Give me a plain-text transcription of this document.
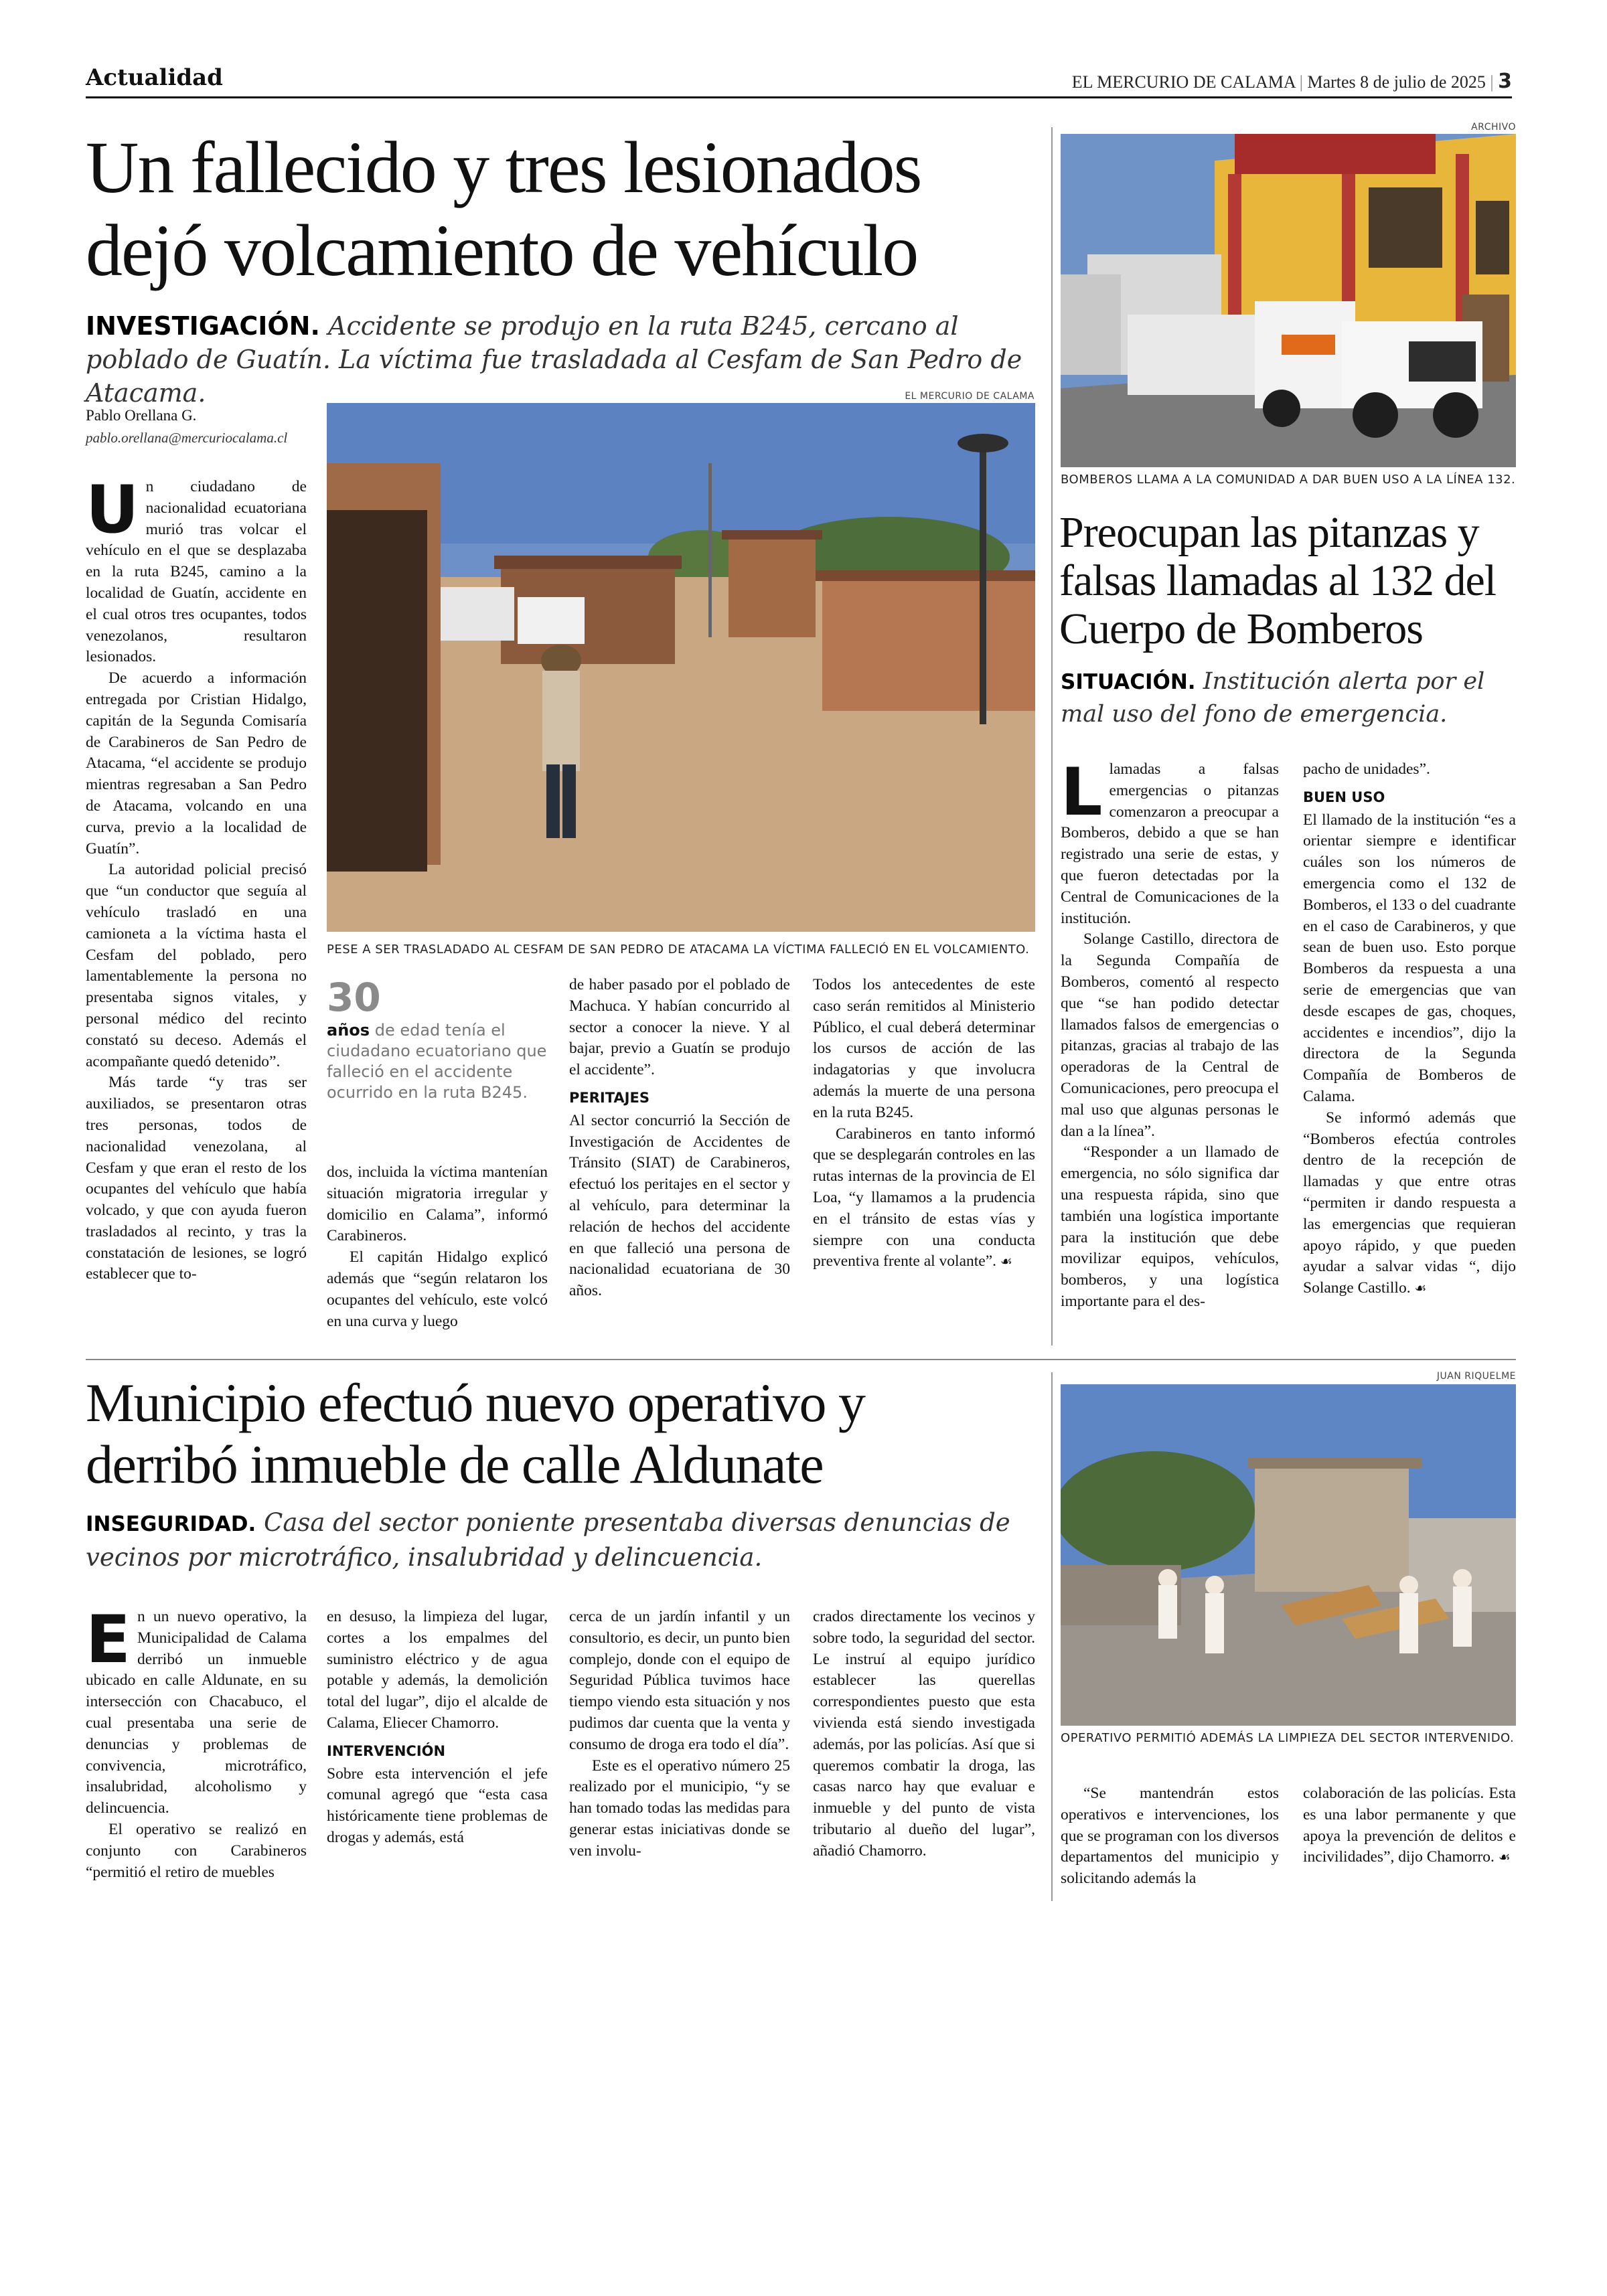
Actualidad	EL MERCURIO DE CALAMA | Martes 8 de julio de 2025 | 3
Un fallecido y tres lesionados
dejó volcamiento de vehículo
INVESTIGACIÓN. Accidente se produjo en la ruta B245, cercano al poblado de Guatín. La víctima fue trasladada al Cesfam de San Pedro de Atacama.
Pablo Orellana G.
pablo.orellana@mercuriocalama.cl
EL MERCURIO DE CALAMA
PESE A SER TRASLADADO AL CESFAM DE SAN PEDRO DE ATACAMA LA VÍCTIMA FALLECIÓ EN EL VOLCAMIENTO.

Un ciudadano de nacionalidad ecuatoriana murió tras volcar el vehículo en el que se desplazaba en la ruta B245, camino a la localidad de Guatín, accidente en el cual otros tres ocupantes, todos venezolanos, resultaron lesionados.

De acuerdo a información entregada por Cristian Hidalgo, capitán de la Segunda Comisaría de Carabineros de San Pedro de Atacama, “el accidente se produjo mientras regresaban a San Pedro de Atacama, volcando en una curva, previo a la localidad de Guatín”.

La autoridad policial precisó que “un conductor que seguía al vehículo trasladó en una camioneta a la víctima hasta el Cesfam del poblado, pero lamentablemente la persona no presentaba signos vitales, y personal médico del recinto constató su deceso. Además el acompañante quedó detenido”.

Más tarde “y tras ser auxiliados, se presentaron otras tres personas, todos de nacionalidad venezolana, al Cesfam y que eran el resto de los ocupantes del vehículo que había volcado, y que con ayuda fueron trasladados al recinto, y tras la constatación de lesiones, se logró establecer que to-

30
años de edad tenía el ciudadano ecuatoriano que falleció en el accidente ocurrido en la ruta B245.

dos, incluida la víctima mantenían situación migratoria irregular y domicilio en Calama”, informó Carabineros.

El capitán Hidalgo explicó además que “según relataron los ocupantes del vehículo, este volcó en una curva y luego

de haber pasado por el poblado de Machuca. Y habían concurrido al sector a conocer la nieve. Y al bajar, previo a Guatín se produjo el accidente”.

PERITAJES

Al sector concurrió la Sección de Investigación de Accidentes de Tránsito (SIAT) de Carabineros, efectuó los peritajes en el sector y al vehículo, para determinar la relación de hechos del accidente en que falleció una persona de nacionalidad ecuatoriana de 30 años.

Todos los antecedentes de este caso serán remitidos al Ministerio Público, el cual deberá determinar los cursos de acción de las indagatorias y que involucra además la muerte de una persona en la ruta B245.

Carabineros en tanto informó que se desplegarán controles en las rutas internas de la provincia de El Loa, “y llamamos a la prudencia en el tránsito de estas vías y siempre con una conducta preventiva frente al volante”. ☙

ARCHIVO
BOMBEROS LLAMA A LA COMUNIDAD A DAR BUEN USO A LA LÍNEA 132.
Preocupan las pitanzas y
falsas llamadas al 132 del
Cuerpo de Bomberos
SITUACIÓN. Institución alerta por el mal uso del fono de emergencia.

Llamadas a falsas emergencias o pitanzas comenzaron a preocupar a Bomberos, debido a que se han registrado una serie de estas, y que fueron detectadas por la Central de Comunicaciones de la institución.

Solange Castillo, directora de la Segunda Compañía de Bomberos, comentó al respecto que “se han podido detectar llamados falsos de emergencias o pitanzas, gracias al trabajo de las operadoras de la Central de Comunicaciones, pero preocupa el mal uso que algunas personas le dan a la línea”.

“Responder a un llamado de emergencia, no sólo significa dar una respuesta rápida, sino que también una logística importante para la institución que debe movilizar equipos, vehículos, bomberos, y una logística importante para el des-

pacho de unidades”.

BUEN USO

El llamado de la institución “es a orientar siempre e identificar cuáles son los números de emergencia como el 132 de Bomberos, el 133 o del cuadrante en el caso de Carabineros, y que sean de buen uso. Esto porque Bomberos da respuesta a una serie de emergencias que van desde escapes de gas, choques, accidentes e incendios”, dijo la directora de la Segunda Compañía de Bomberos de Calama.

Se informó además que “Bomberos efectúa controles dentro de la recepción de llamadas y que entre otras “permiten ir dando respuesta a las emergencias que requieran apoyo rápido, y que pueden ayudar a salvar vidas “, dijo Solange Castillo. ☙

Municipio efectuó nuevo operativo y
derribó inmueble de calle Aldunate
INSEGURIDAD. Casa del sector poniente presentaba diversas denuncias de vecinos por microtráfico, insalubridad y delincuencia.
JUAN RIQUELME
OPERATIVO PERMITIÓ ADEMÁS LA LIMPIEZA DEL SECTOR INTERVENIDO.

En un nuevo operativo, la Municipalidad de Calama derribó un inmueble ubicado en calle Aldunate, en su intersección con Chacabuco, el cual presentaba una serie de denuncias y problemas de convivencia, microtráfico, insalubridad, alcoholismo y delincuencia.

El operativo se realizó en conjunto con Carabineros “permitió el retiro de muebles

en desuso, la limpieza del lugar, cortes a los empalmes del suministro eléctrico y de agua potable y además, la demolición total del lugar”, dijo el alcalde de Calama, Eliecer Chamorro.

INTERVENCIÓN

Sobre esta intervención el jefe comunal agregó que “esta casa históricamente tiene problemas de drogas y además, está

cerca de un jardín infantil y un consultorio, es decir, un punto bien complejo, donde con el equipo de Seguridad Pública tuvimos hace tiempo viendo esta situación y nos pudimos dar cuenta que la venta y consumo de droga era todo el día”.

Este es el operativo número 25 realizado por el municipio, “y se han tomado todas las medidas para generar estas iniciativas donde se ven involu-

crados directamente los vecinos y sobre todo, la seguridad del sector. Le instruí al equipo jurídico establecer las querellas correspondientes puesto que esta vivienda está siendo investigada además, por las policías. Así que si queremos combatir la droga, las casas narco hay que evaluar e inmueble y del punto de vista tributario al dueño del lugar”, añadió Chamorro.

“Se mantendrán estos operativos e intervenciones, los que se programan con los diversos departamentos del municipio y solicitando además la

colaboración de las policías. Esta es una labor permanente y que apoya la prevención de delitos e incivilidades”, dijo Chamorro. ☙
